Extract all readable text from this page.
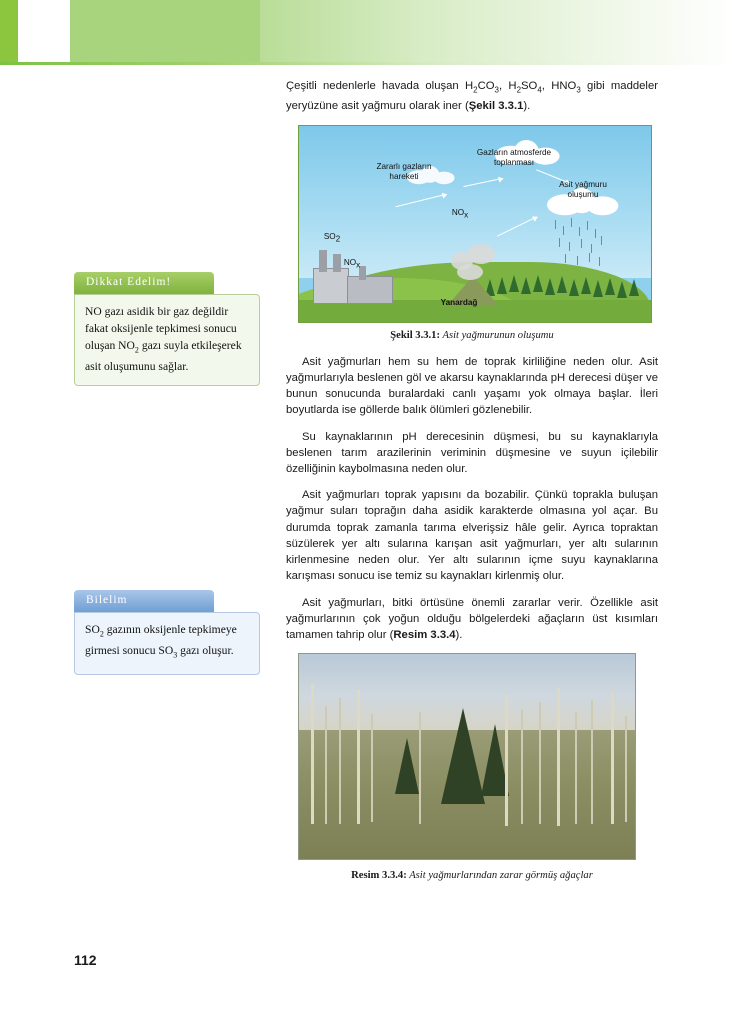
Çeşitli nedenlerle havada oluşan $H_2CO_3$, $H_2SO_4$, $HNO_3$ gibi maddeler yeryüzüne asit yağmuru olarak iner (Şekil 3.3.1).

Zararlı gazların
hareketi
Gazların atmosferde
toplanması
Asit yağmuru
oluşumu
$NO_x$
$SO_2$
$NO_x$
Yanardağ
Şekil 3.3.1: Asit yağmurunun oluşumu

Asit yağmurları hem su hem de toprak kirliliğine neden olur. Asit yağmurlarıyla beslenen göl ve akarsu kaynaklarında pH derecesi düşer ve bunun sonucunda buralardaki canlı yaşamı yok olmaya başlar. İleri boyutlarda ise göllerde balık ölümleri gözlenebilir.

Su kaynaklarının pH derecesinin düşmesi, bu su kaynaklarıyla beslenen tarım arazilerinin veriminin düşmesine ve suyun içilebilir özelliğinin kaybolmasına neden olur.

Asit yağmurları toprak yapısını da bozabilir. Çünkü toprakla buluşan yağmur suları toprağın daha asidik karakterde olmasına yol açar. Bu durumda toprak zamanla tarıma elverişsiz hâle gelir. Ayrıca topraktan süzülerek yer altı sularına karışan asit yağmurları, yer altı sularının kirlenmesine neden olur. Yer altı sularının içme suyu kaynaklarına karışması sonucu ise temiz su kaynakları kirlenmiş olur.

Asit yağmurları, bitki örtüsüne önemli zararlar verir. Özellikle asit yağmurlarının çok yoğun olduğu bölgelerdeki ağaçların üst kısımları tamamen tahrip olur (Resim 3.3.4).

Resim 3.3.4: Asit yağmurlarından zarar görmüş ağaçlar
Dikkat Edelim!
NO gazı asidik bir gaz değildir fakat oksijenle tepkimesi sonucu oluşan $NO_2$ gazı suyla etkileşerek  asit oluşumunu sağlar.
Bilelim
$SO_2$ gazının oksijenle tepkimeye girmesi sonucu $SO_3$ gazı oluşur.
112
